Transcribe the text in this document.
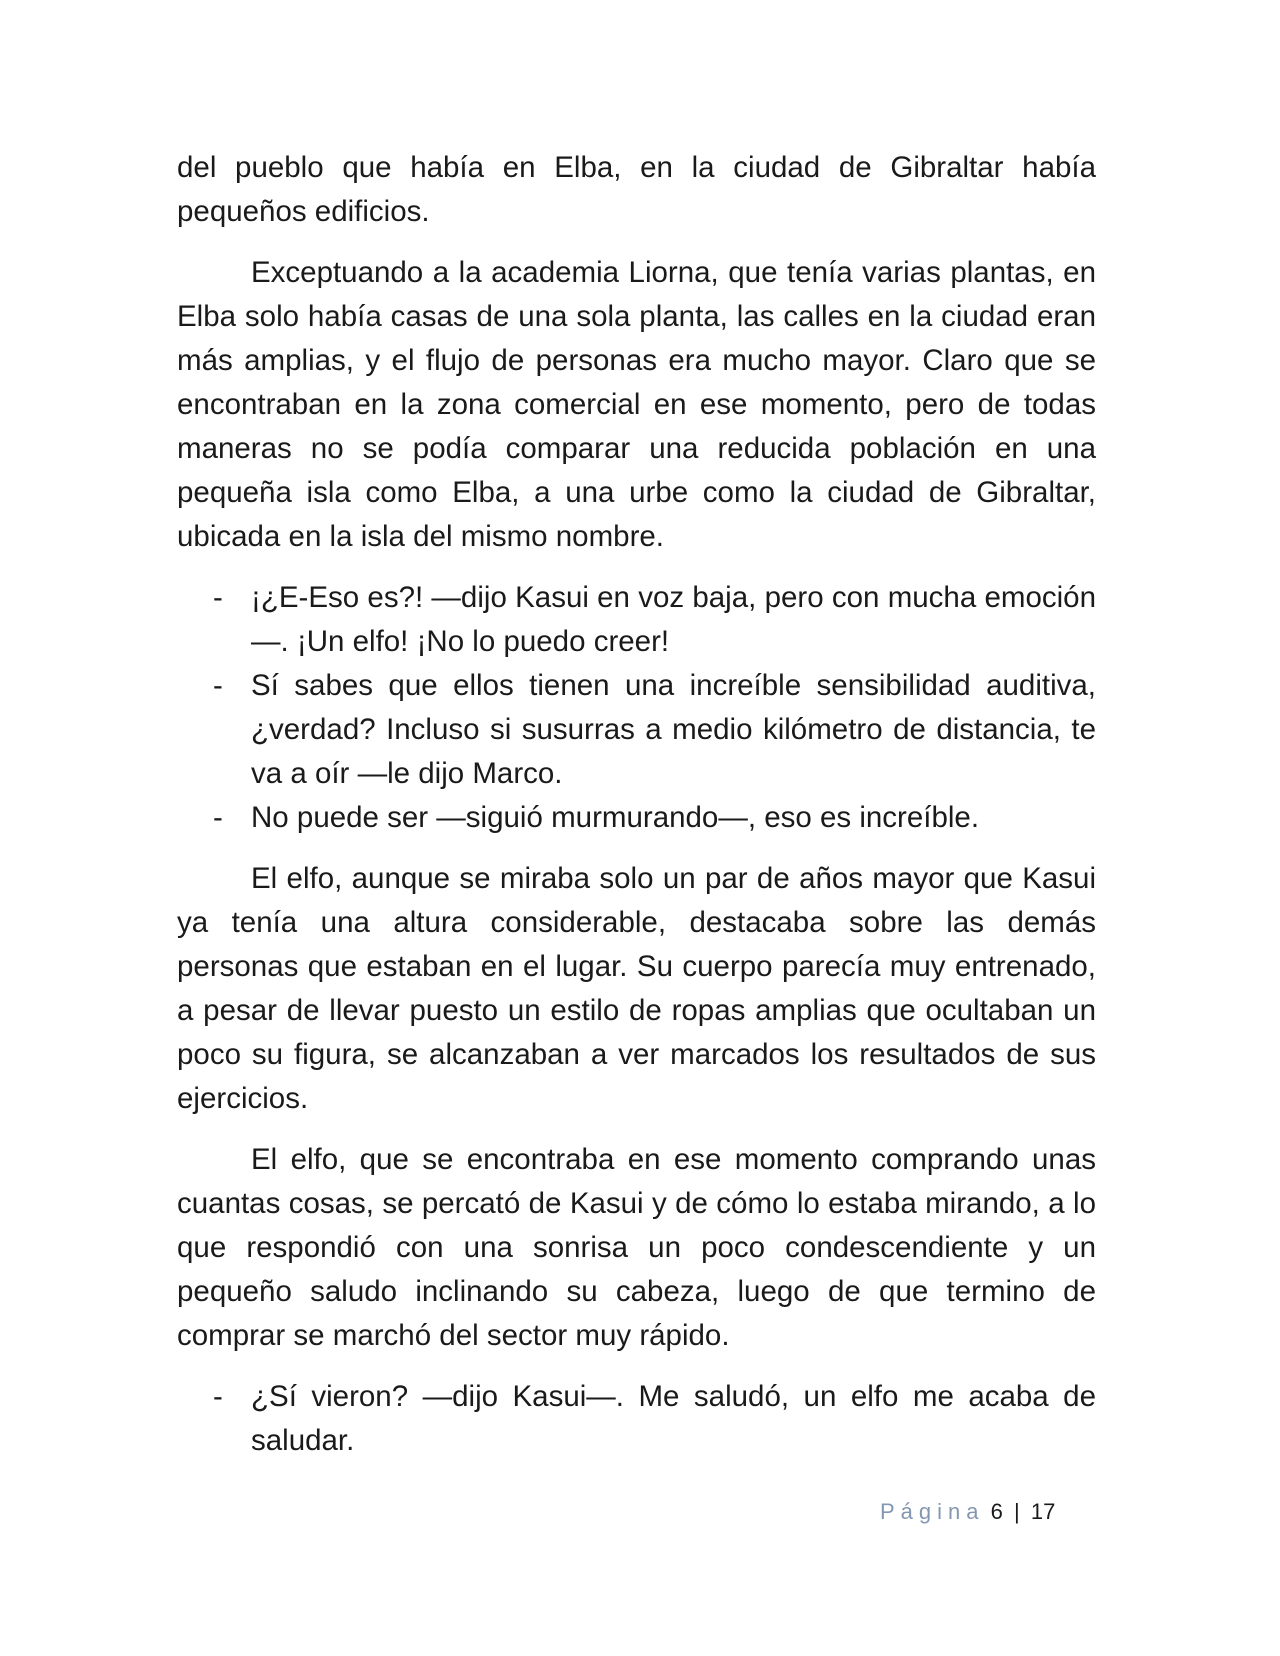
del pueblo que había en Elba, en la ciudad de Gibraltar había pequeños edificios.

Exceptuando a la academia Liorna, que tenía varias plantas, en Elba solo había casas de una sola planta, las calles en la ciudad eran más amplias, y el flujo de personas era mucho mayor. Claro que se encontraban en la zona comercial en ese momento, pero de todas maneras no se podía comparar una reducida población en una pequeña isla como Elba, a una urbe como la ciudad de Gibraltar, ubicada en la isla del mismo nombre.

- ¡¿E-Eso es?! —dijo Kasui en voz baja, pero con mucha emoción—. ¡Un elfo! ¡No lo puedo creer!
- Sí sabes que ellos tienen una increíble sensibilidad auditiva, ¿verdad? Incluso si susurras a medio kilómetro de distancia, te va a oír —le dijo Marco.
- No puede ser —siguió murmurando—, eso es increíble.

El elfo, aunque se miraba solo un par de años mayor que Kasui ya tenía una altura considerable, destacaba sobre las demás personas que estaban en el lugar. Su cuerpo parecía muy entrenado, a pesar de llevar puesto un estilo de ropas amplias que ocultaban un poco su figura, se alcanzaban a ver marcados los resultados de sus ejercicios.

El elfo, que se encontraba en ese momento comprando unas cuantas cosas, se percató de Kasui y de cómo lo estaba mirando, a lo que respondió con una sonrisa un poco condescendiente y un pequeño saludo inclinando su cabeza, luego de que termino de comprar se marchó del sector muy rápido.

- ¿Sí vieron? —dijo Kasui—. Me saludó, un elfo me acaba de saludar.
Página 6 | 17
